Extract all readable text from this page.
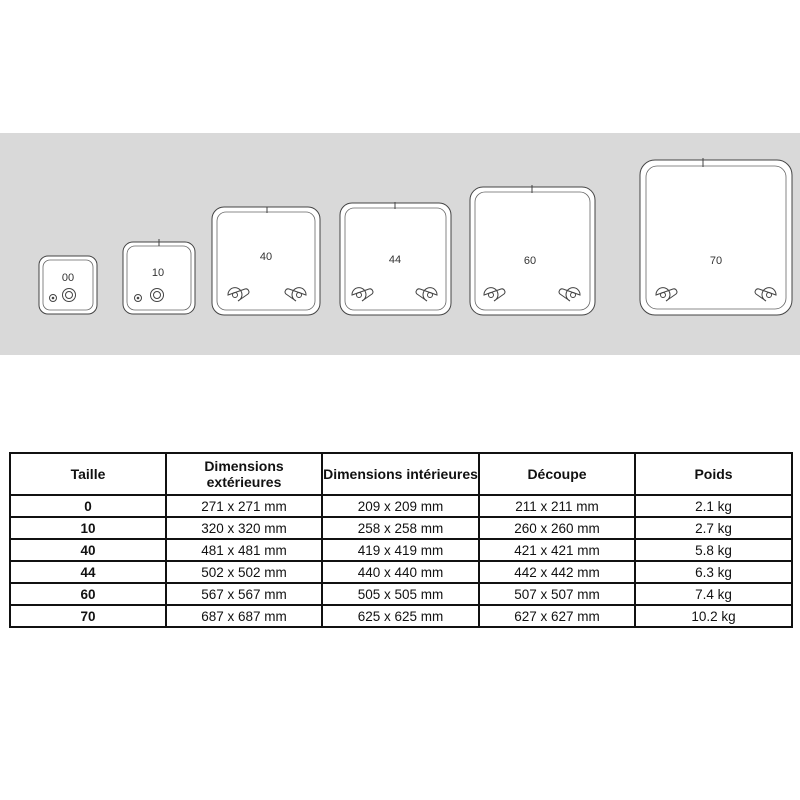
00	10
40	44	60	70
Taille	Dimensions extérieures	Dimensions intérieures	Découpe	Poids
0	271 x 271 mm	209 x 209 mm	211 x 211 mm	2.1 kg
10	320 x 320 mm	258 x 258 mm	260 x 260 mm	2.7 kg
40	481 x 481 mm	419 x 419 mm	421 x 421 mm	5.8 kg
44	502 x 502 mm	440 x 440 mm	442 x 442 mm	6.3 kg
60	567 x 567 mm	505 x 505 mm	507 x 507 mm	7.4 kg
70	687 x 687 mm	625 x 625 mm	627 x 627 mm	10.2 kg
